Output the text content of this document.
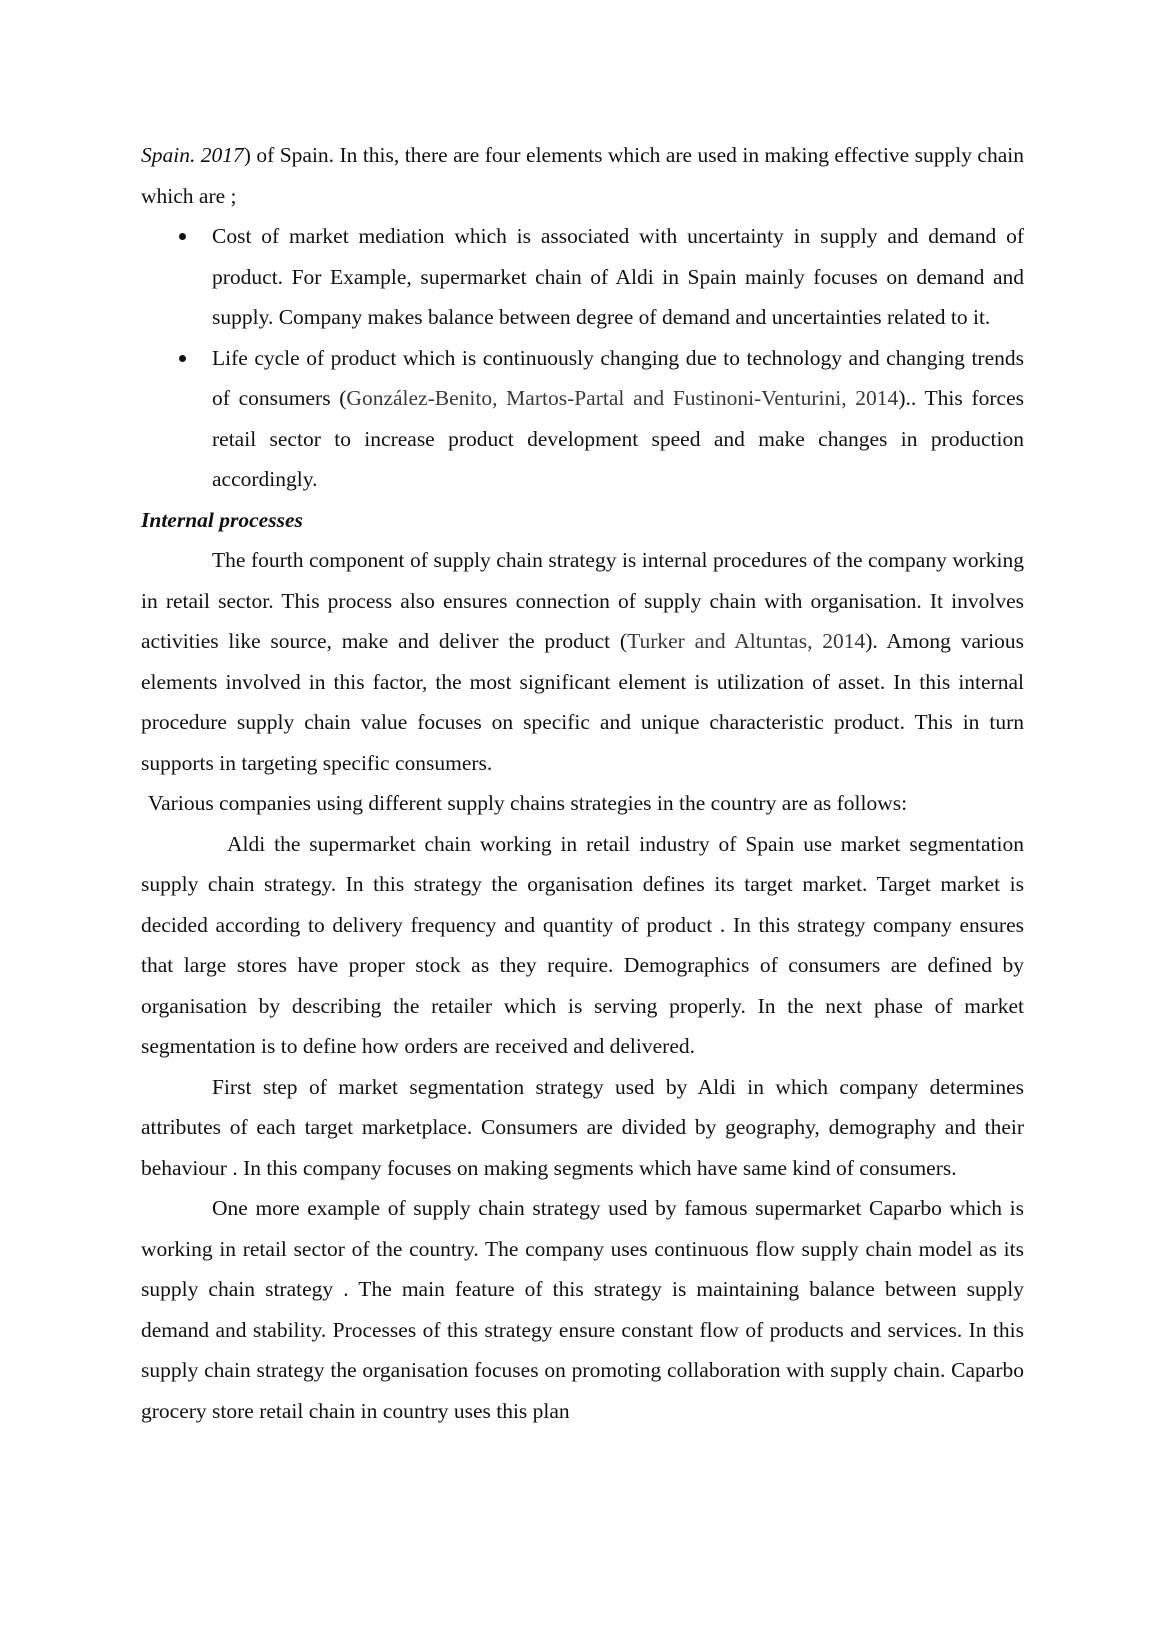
Spain. 2017) of Spain. In this, there are four elements which are used in making effective supply chain which are ;

Cost of market mediation which is associated with uncertainty in supply and demand of product. For Example, supermarket chain of Aldi in Spain mainly focuses on demand and supply. Company makes balance between degree of demand and uncertainties related to it.
Life cycle of product which is continuously changing due to technology and changing trends of consumers (González-Benito, Martos-Partal and Fustinoni-Venturini, 2014).. This forces retail sector to increase product development speed and make changes in production accordingly.

Internal processes

The fourth component of supply chain strategy is internal procedures of the company working in retail sector. This process also ensures connection of supply chain with organisation. It involves activities like source, make and deliver the product (Turker and Altuntas, 2014). Among various elements involved in this factor, the most significant element is utilization of asset. In this internal procedure supply chain value focuses on specific and unique characteristic product. This in turn supports in targeting specific consumers.

Various companies using different supply chains strategies in the country are as follows:

Aldi the supermarket chain working in retail industry of Spain use market segmentation supply chain strategy. In this strategy the organisation defines its target market. Target market is decided according to delivery frequency and quantity of product . In this strategy company ensures that large stores have proper stock as they require. Demographics of consumers are defined by organisation by describing the retailer which is serving properly. In the next phase of market segmentation is to define how orders are received and delivered.

First step of market segmentation strategy used by Aldi in which company determines attributes of each target marketplace. Consumers are divided by geography, demography and their behaviour . In this company focuses on making segments which have same kind of consumers.

One more example of supply chain strategy used by famous supermarket Caparbo which is working in retail sector of the country. The company uses continuous flow supply chain model as its supply chain strategy . The main feature of this strategy is maintaining balance between supply demand and stability. Processes of this strategy ensure constant flow of products and services. In this supply chain strategy the organisation focuses on promoting collaboration with supply chain. Caparbo grocery store retail chain in country uses this plan
